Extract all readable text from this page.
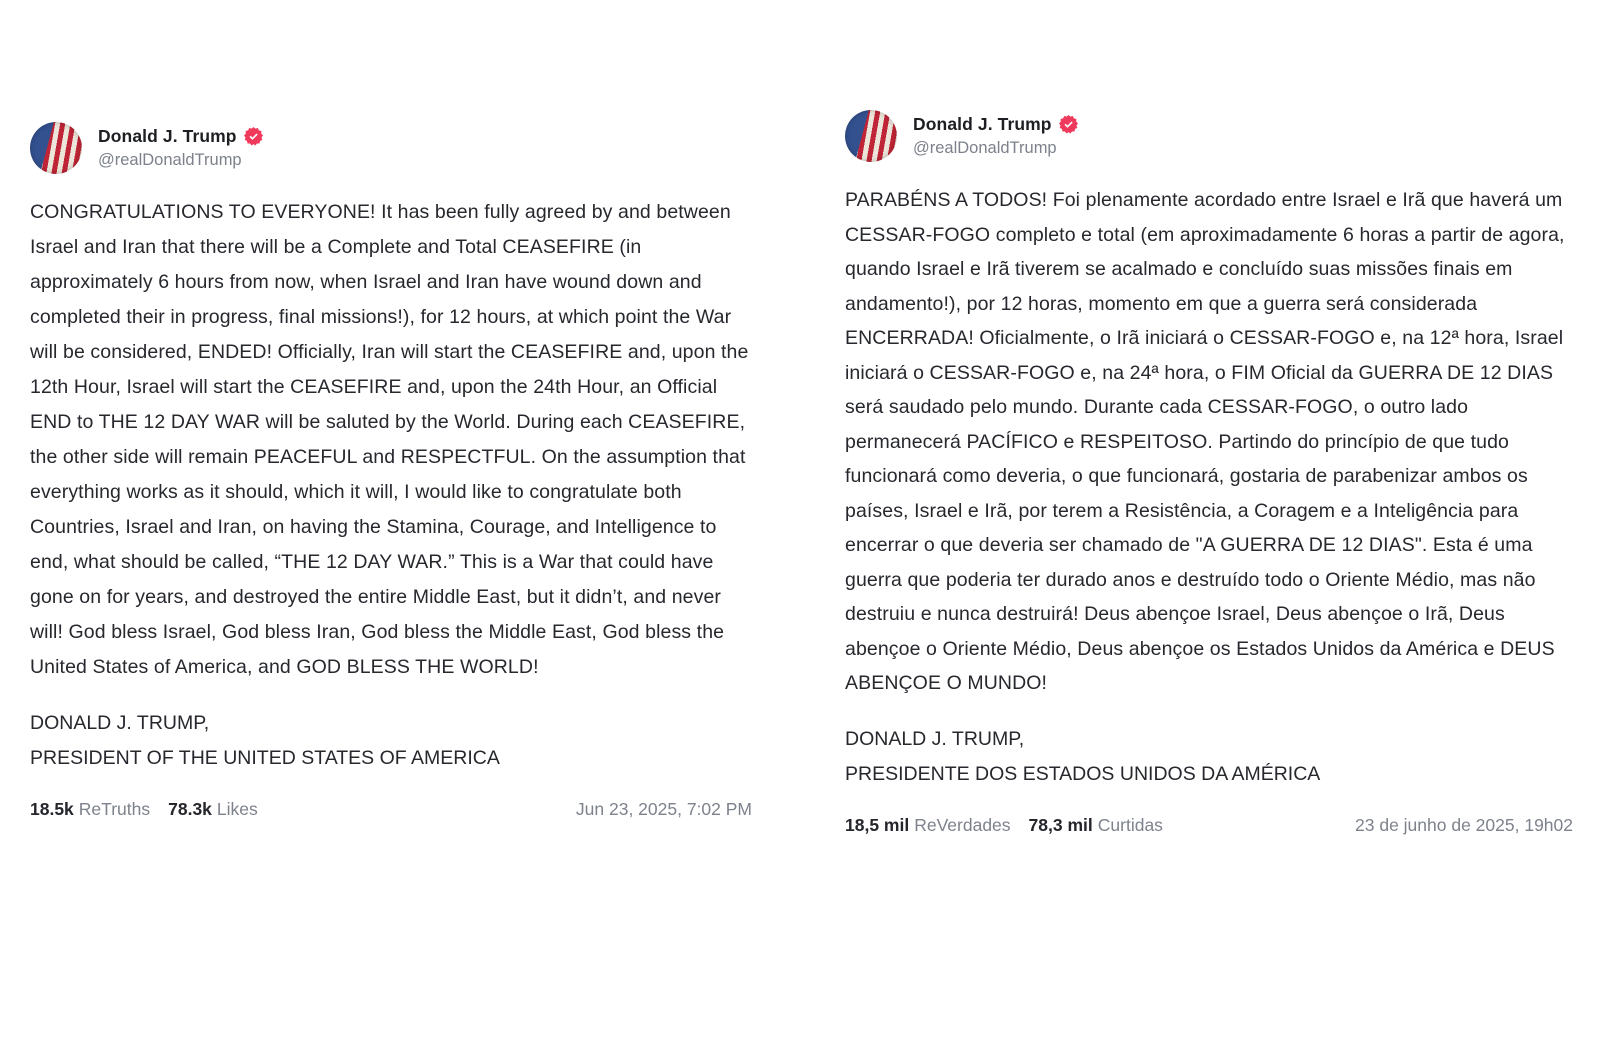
Donald J. Trump
@realDonaldTrump
CONGRATULATIONS TO EVERYONE! It has been fully agreed by and between Israel and Iran that there will be a Complete and Total CEASEFIRE (in approximately 6 hours from now, when Israel and Iran have wound down and completed their in progress, final missions!), for 12 hours, at which point the War will be considered, ENDED! Officially, Iran will start the CEASEFIRE and, upon the 12th Hour, Israel will start the CEASEFIRE and, upon the 24th Hour, an Official END to THE 12 DAY WAR will be saluted by the World. During each CEASEFIRE, the other side will remain PEACEFUL and RESPECTFUL. On the assumption that everything works as it should, which it will, I would like to congratulate both Countries, Israel and Iran, on having the Stamina, Courage, and Intelligence to end, what should be called, “THE 12 DAY WAR.” This is a War that could have gone on for years, and destroyed the entire Middle East, but it didn’t, and never will! God bless Israel, God bless Iran, God bless the Middle East, God bless the United States of America, and GOD BLESS THE WORLD!
DONALD J. TRUMP,
PRESIDENT OF THE UNITED STATES OF AMERICA
18.5k ReTruths 78.3k Likes	Jun 23, 2025, 7:02 PM
Donald J. Trump
@realDonaldTrump
PARABÉNS A TODOS! Foi plenamente acordado entre Israel e Irã que haverá um CESSAR-FOGO completo e total (em aproximadamente 6 horas a partir de agora, quando Israel e Irã tiverem se acalmado e concluído suas missões finais em andamento!), por 12 horas, momento em que a guerra será considerada ENCERRADA! Oficialmente, o Irã iniciará o CESSAR-FOGO e, na 12ª hora, Israel iniciará o CESSAR-FOGO e, na 24ª hora, o FIM Oficial da GUERRA DE 12 DIAS será saudado pelo mundo. Durante cada CESSAR-FOGO, o outro lado permanecerá PACÍFICO e RESPEITOSO. Partindo do princípio de que tudo funcionará como deveria, o que funcionará, gostaria de parabenizar ambos os países, Israel e Irã, por terem a Resistência, a Coragem e a Inteligência para encerrar o que deveria ser chamado de "A GUERRA DE 12 DIAS". Esta é uma guerra que poderia ter durado anos e destruído todo o Oriente Médio, mas não destruiu e nunca destruirá! Deus abençoe Israel, Deus abençoe o Irã, Deus abençoe o Oriente Médio, Deus abençoe os Estados Unidos da América e DEUS ABENÇOE O MUNDO!
DONALD J. TRUMP,
PRESIDENTE DOS ESTADOS UNIDOS DA AMÉRICA
18,5 mil ReVerdades 78,3 mil Curtidas	23 de junho de 2025, 19h02
